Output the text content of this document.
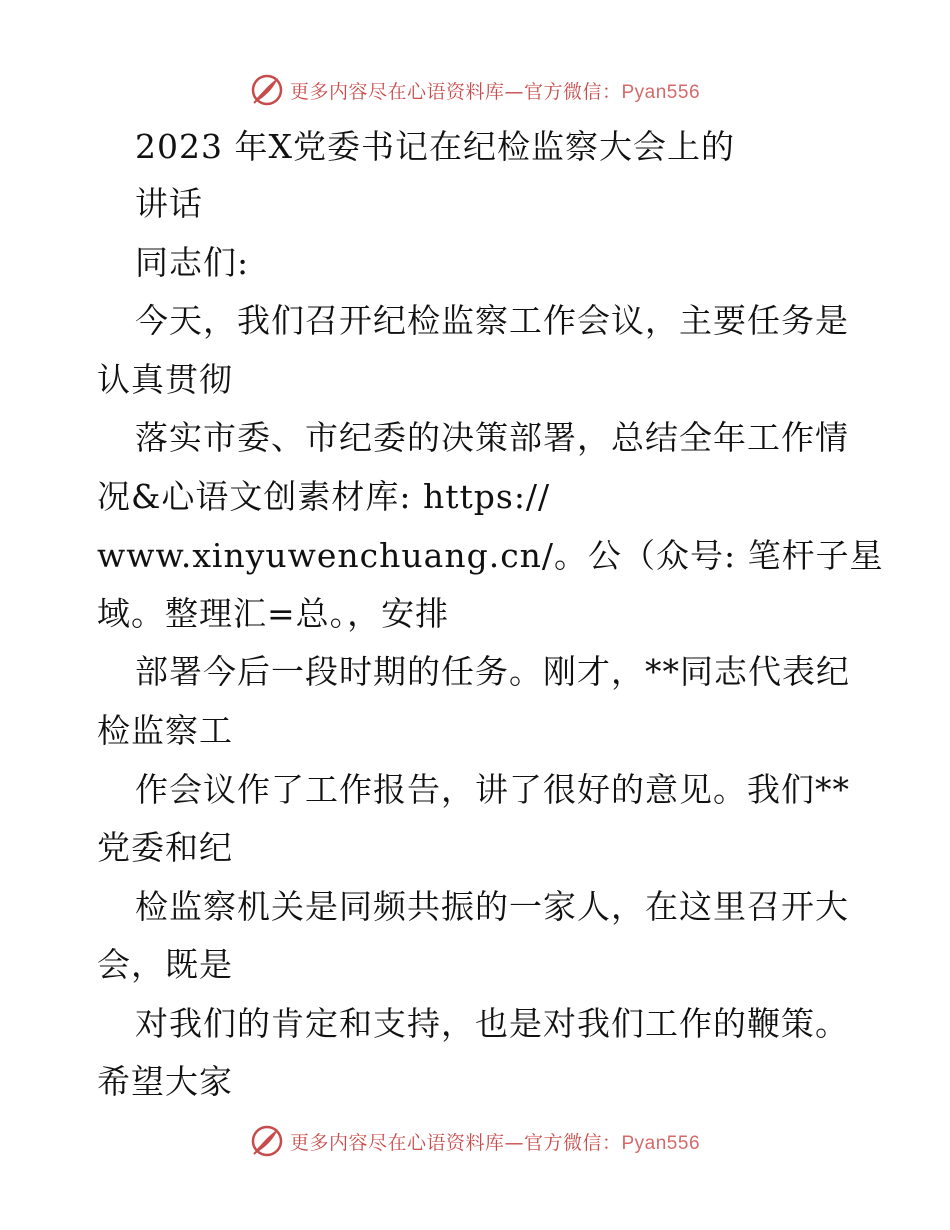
更多内容尽在心语资料库—官方微信：Pyan556
2023 年X党委书记在纪检监察大会上的
讲话
同志们:
今天，我们召开纪检监察工作会议，主要任务是
认真贯彻
落实市委、市纪委的决策部署，总结全年工作情
况&心语文创素材库: https://
www.xinyuwenchuang.cn/。公（众号: 笔杆子星
域。整理汇=总。，安排
部署今后一段时期的任务。刚才，**同志代表纪
检监察工
作会议作了工作报告，讲了很好的意见。我们**
党委和纪
检监察机关是同频共振的一家人，在这里召开大
会，既是
对我们的肯定和支持，也是对我们工作的鞭策。
希望大家
更多内容尽在心语资料库—官方微信：Pyan556
